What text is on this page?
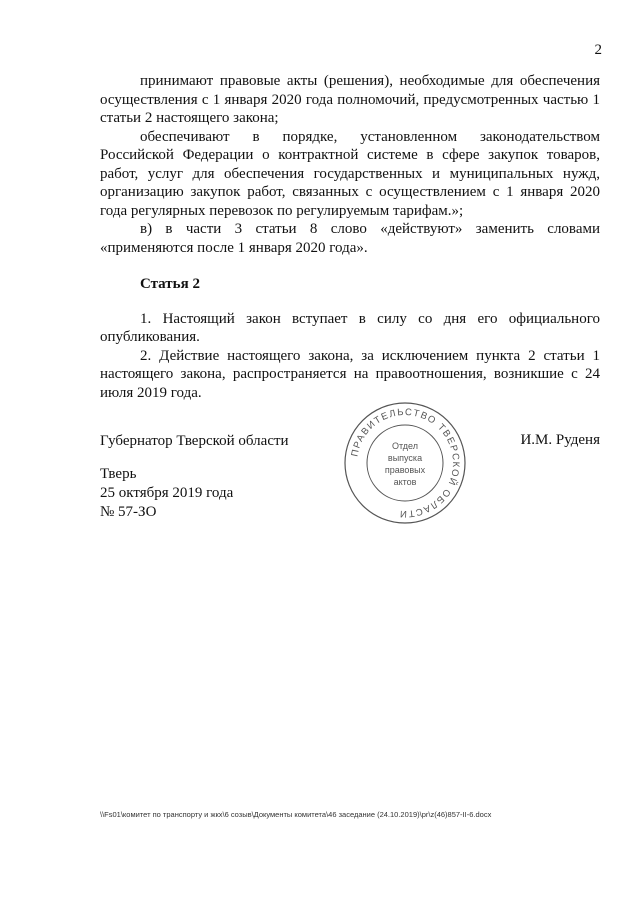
2

принимают правовые акты (решения), необходимые для обеспечения осуществления с 1 января 2020 года полномочий, предусмотренных частью 1 статьи 2 настоящего закона;

обеспечивают в порядке, установленном законодательством Российской Федерации о контрактной системе в сфере закупок товаров, работ, услуг для обеспечения государственных и муниципальных нужд, организацию закупок работ, связанных с осуществлением с 1 января 2020 года регулярных перевозок по регулируемым тарифам.»;

в) в части 3 статьи 8 слово «действуют» заменить словами «применяются после 1 января 2020 года».

Статья 2

1. Настоящий закон вступает в силу со дня его официального опубликования.

2. Действие настоящего закона, за исключением пункта 2 статьи 1 настоящего закона, распространяется на правоотношения, возникшие с 24 июля 2019 года.

Губернатор Тверской области
Тверь
25 октября 2019 года
№ 57-ЗО
И.М. Руденя
ПРАВИТЕЛЬСТВО ТВЕРСКОЙ ОБЛАСТИ
Отдел
выпуска
правовых
актов
\\Fs01\комитет по транспорту и жкх\6 созыв\Документы комитета\46 заседание (24.10.2019)\pr\z(46)857-II-6.docx
